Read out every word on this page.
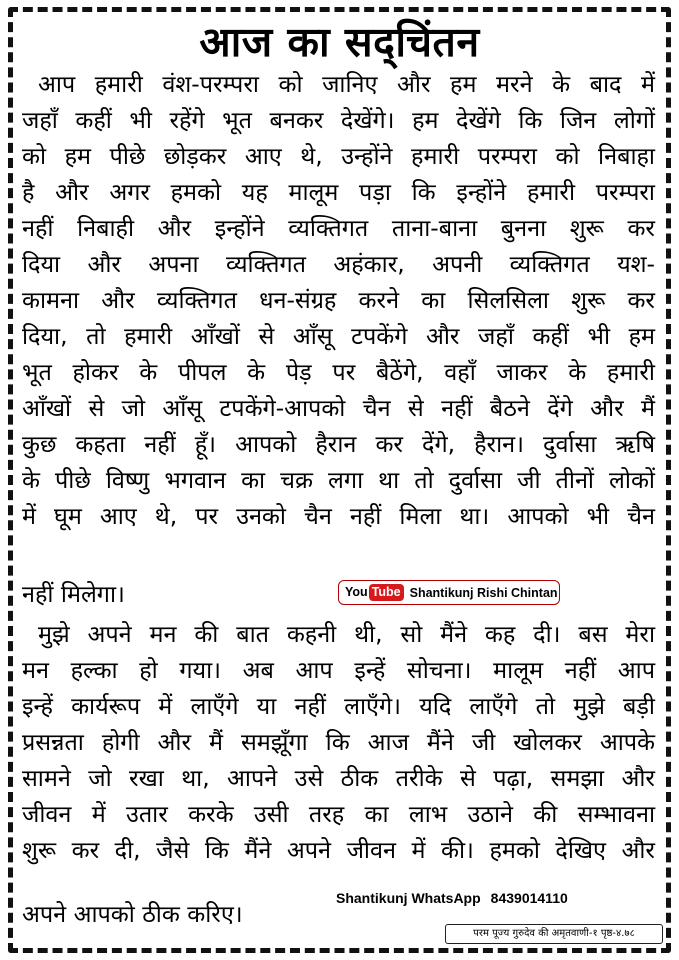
आज का सद्चिंतन
आप हमारी वंश-परम्परा को जानिए और हम मरने के बाद में
जहाँ कहीं भी रहेंगे भूत बनकर देखेंगे। हम देखेंगे कि जिन लोगों
को हम पीछे छोड़कर आए थे, उन्होंने हमारी परम्परा को निबाहा
है और अगर हमको यह मालूम पड़ा कि इन्होंने हमारी परम्परा
नहीं निबाही और इन्होंने व्यक्तिगत ताना-बाना बुनना शुरू कर
दिया और अपना व्यक्तिगत अहंकार, अपनी व्यक्तिगत यश-
कामना और व्यक्तिगत धन-संग्रह करने का सिलसिला शुरू कर
दिया, तो हमारी आँखों से आँसू टपकेंगे और जहाँ कहीं भी हम
भूत होकर के पीपल के पेड़ पर बैठेंगे, वहाँ जाकर के हमारी
आँखों से जो आँसू टपकेंगे-आपको चैन से नहीं बैठने देंगे और मैं
कुछ कहता नहीं हूँ। आपको हैरान कर देंगे, हैरान। दुर्वासा ऋषि
के पीछे विष्णु भगवान का चक्र लगा था तो दुर्वासा जी तीनों लोकों
में घूम आए थे, पर उनको चैन नहीं मिला था। आपको भी चैन
नहीं मिलेगा।	You Tube Shantikunj Rishi Chintan
मुझे अपने मन की बात कहनी थी, सो मैंने कह दी। बस मेरा
मन हल्का हो गया। अब आप इन्हें सोचना। मालूम नहीं आप
इन्हें कार्यरूप में लाएँगे या नहीं लाएँगे। यदि लाएँगे तो मुझे बड़ी
प्रसन्नता होगी और मैं समझूँगा कि आज मैंने जी खोलकर आपके
सामने जो रखा था, आपने उसे ठीक तरीके से पढ़ा, समझा और
जीवन में उतार करके उसी तरह का लाभ उठाने की सम्भावना
शुरू कर दी, जैसे कि मैंने अपने जीवन में की। हमको देखिए और
अपने आपको ठीक करिए।
Shantikunj WhatsApp 8439014110
परम पूज्य गुरुदेव की अमृतवाणी-१ पृष्ठ-४.७८
